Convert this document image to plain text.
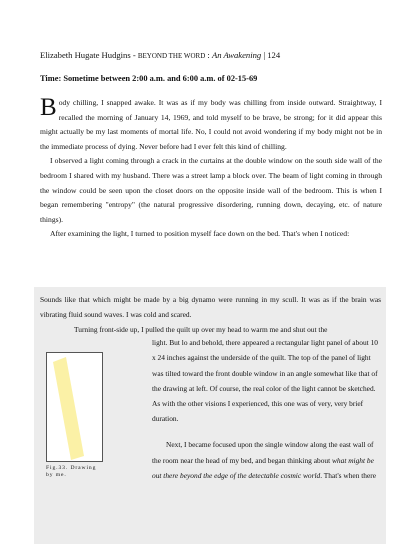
Elizabeth Hugate Hudgins - BEYOND THE WORD : An Awakening | 124
Time: Sometime between 2:00 a.m. and 6:00 a.m. of 02-15-69

Body chilling, I snapped awake. It was as if my body was chilling from inside outward. Straightway, I recalled the morning of January 14, 1969, and told myself to be brave, be strong; for it did appear this might actually be my last moments of mortal life. No, I could not avoid wondering if my body might not be in the immediate process of dying. Never before had I ever felt this kind of chilling.

I observed a light coming through a crack in the curtains at the double window on the south side wall of the bedroom I shared with my husband. There was a street lamp a block over. The beam of light coming in through the window could be seen upon the closet doors on the opposite inside wall of the bedroom. This is when I began remembering "entropy" (the natural progressive disordering, running down, decaying, etc. of nature things).

After examining the light, I turned to position myself face down on the bed. That's when I noticed:

Sounds like that which might be made by a big dynamo were running in my scull. It was as if the brain was vibrating fluid sound waves. I was cold and scared.

Turning front-side up, I pulled the quilt up over my head to warm me and shut out the

Fig.33. Drawing by me.
light. But lo and behold, there appeared a rectangular light panel of about 10
x 24 inches against the underside of the quilt. The top of the panel of light
was tilted toward the front double window in an angle somewhat like that of
the drawing at left. Of course, the real color of the light cannot be sketched.
As with the other visions I experienced, this one was of very, very brief
duration.
Next, I became focused upon the single window along the east wall of
the room near the head of my bed, and began thinking about what might be
out there beyond the edge of the detectable cosmic world. That's when there
